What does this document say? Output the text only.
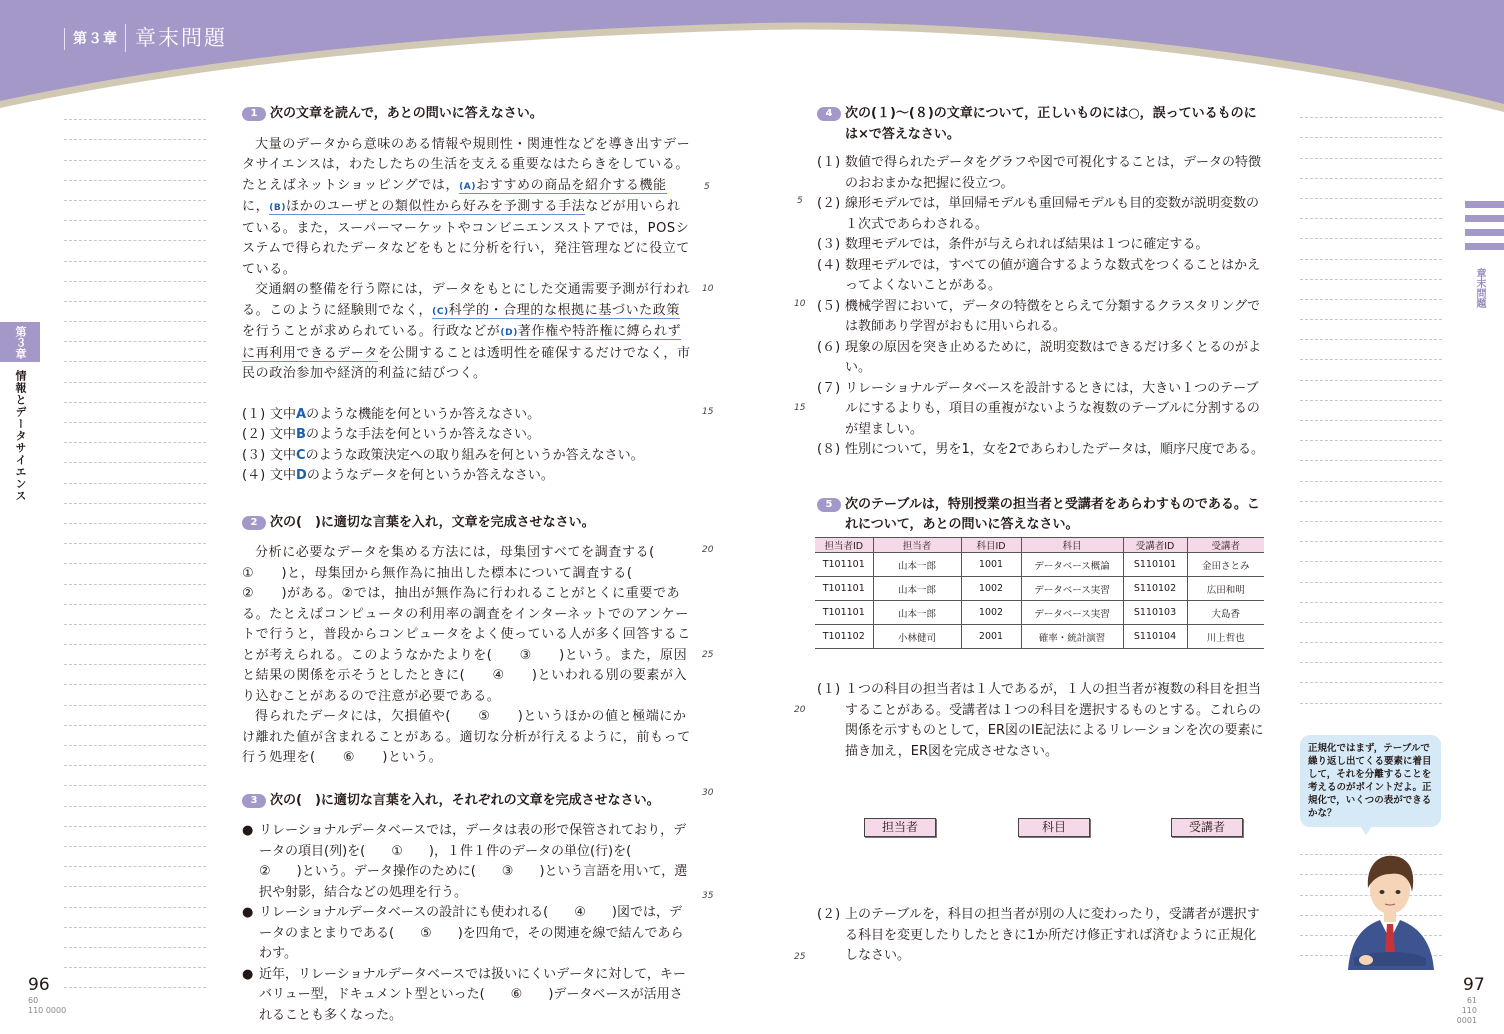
第３章 章末問題
第３章
情報とデータサイエンス
章末問題
96
60
110 0000
97
61
110 0001
1 次の文章を読んで，あとの問いに答えなさい。
大量のデータから意味のある情報や規則性・関連性などを導き出すデータサイエンスは，わたしたちの生活を支える重要なはたらきをしている。たとえばネットショッピングでは，(A)おすすめの商品を紹介する機能に，(B)ほかのユーザとの類似性から好みを予測する手法などが用いられている。また，スーパーマーケットやコンビニエンスストアでは，POSシステムで得られたデータなどをもとに分析を行い，発注管理などに役立てている。
交通網の整備を行う際には，データをもとにした交通需要予測が行われる。このように経験則でなく，(C)科学的・合理的な根拠に基づいた政策を行うことが求められている。行政などが(D)著作権や特許権に縛られずに再利用できるデータを公開することは透明性を確保するだけでなく，市民の政治参加や経済的利益に結びつく。
(１) 文中Aのような機能を何というか答えなさい。
(２) 文中Bのような手法を何というか答えなさい。
(３) 文中Cのような政策決定への取り組みを何というか答えなさい。
(４) 文中Dのようなデータを何というか答えなさい。
2 次の(　)に適切な言葉を入れ，文章を完成させなさい。
分析に必要なデータを集める方法には，母集団すべてを調査する(　　①　　)と，母集団から無作為に抽出した標本について調査する(　　②　　)がある。②では，抽出が無作為に行われることがとくに重要である。たとえばコンピュータの利用率の調査をインターネットでのアンケートで行うと，普段からコンピュータをよく使っている人が多く回答することが考えられる。このようなかたよりを(　　③　　)という。また，原因と結果の関係を示そうとしたときに(　　④　　)といわれる別の要素が入り込むことがあるので注意が必要である。
得られたデータには，欠損値や(　　⑤　　)というほかの値と極端にかけ離れた値が含まれることがある。適切な分析が行えるように，前もって行う処理を(　　⑥　　)という。
3 次の(　)に適切な言葉を入れ，それぞれの文章を完成させなさい。
● リレーショナルデータベースでは，データは表の形で保管されており，データの項目(列)を(　　①　　)，１件１件のデータの単位(行)を(　　②　　)という。データ操作のために(　　③　　)という言語を用いて，選択や射影，結合などの処理を行う。
● リレーショナルデータベースの設計にも使われる(　　④　　)図では，データのまとまりである(　　⑤　　)を四角で，その関連を線で結んであらわす。
● 近年，リレーショナルデータベースでは扱いにくいデータに対して，キーバリュー型，ドキュメント型といった(　　⑥　　)データベースが活用されることも多くなった。
5
10
15
20
25
30
35
4 次の(１)～(８)の文章について，正しいものには○，誤っているものには×で答えなさい。
(１) 数値で得られたデータをグラフや図で可視化することは，データの特徴のおおまかな把握に役立つ。
(２) 線形モデルでは，単回帰モデルも重回帰モデルも目的変数が説明変数の１次式であらわされる。
(３) 数理モデルでは，条件が与えられれば結果は１つに確定する。
(４) 数理モデルでは，すべての値が適合するような数式をつくることはかえってよくないことがある。
(５) 機械学習において，データの特徴をとらえて分類するクラスタリングでは教師あり学習がおもに用いられる。
(６) 現象の原因を突き止めるために，説明変数はできるだけ多くとるのがよい。
(７) リレーショナルデータベースを設計するときには，大きい１つのテーブルにするよりも，項目の重複がないような複数のテーブルに分割するのが望ましい。
(８) 性別について，男を1，女を2であらわしたデータは，順序尺度である。
5 次のテーブルは，特別授業の担当者と受講者をあらわすものである。これについて，あとの問いに答えなさい。
担当者ID	担当者	科目ID	科目	受講者ID	受講者
T101101	山本一郎	1001	データベース概論	S110101	金田さとみ
T101101	山本一郎	1002	データベース実習	S110102	広田和明
T101101	山本一郎	1002	データベース実習	S110103	大島香
T101102	小林健司	2001	確率・統計演習	S110104	川上哲也
(１) １つの科目の担当者は１人であるが，１人の担当者が複数の科目を担当することがある。受講者は１つの科目を選択するものとする。これらの関係を示すものとして，ER図のIE記法によるリレーションを次の要素に描き加え，ER図を完成させなさい。
担当者	科目	受講者
(２) 上のテーブルを，科目の担当者が別の人に変わったり，受講者が選択する科目を変更したりしたときに1か所だけ修正すれば済むように正規化しなさい。
5
10
15
20
25
正規化ではまず，テーブルで繰り返し出てくる要素に着目して，それを分離することを考えるのがポイントだよ。正規化で，いくつの表ができるかな？
